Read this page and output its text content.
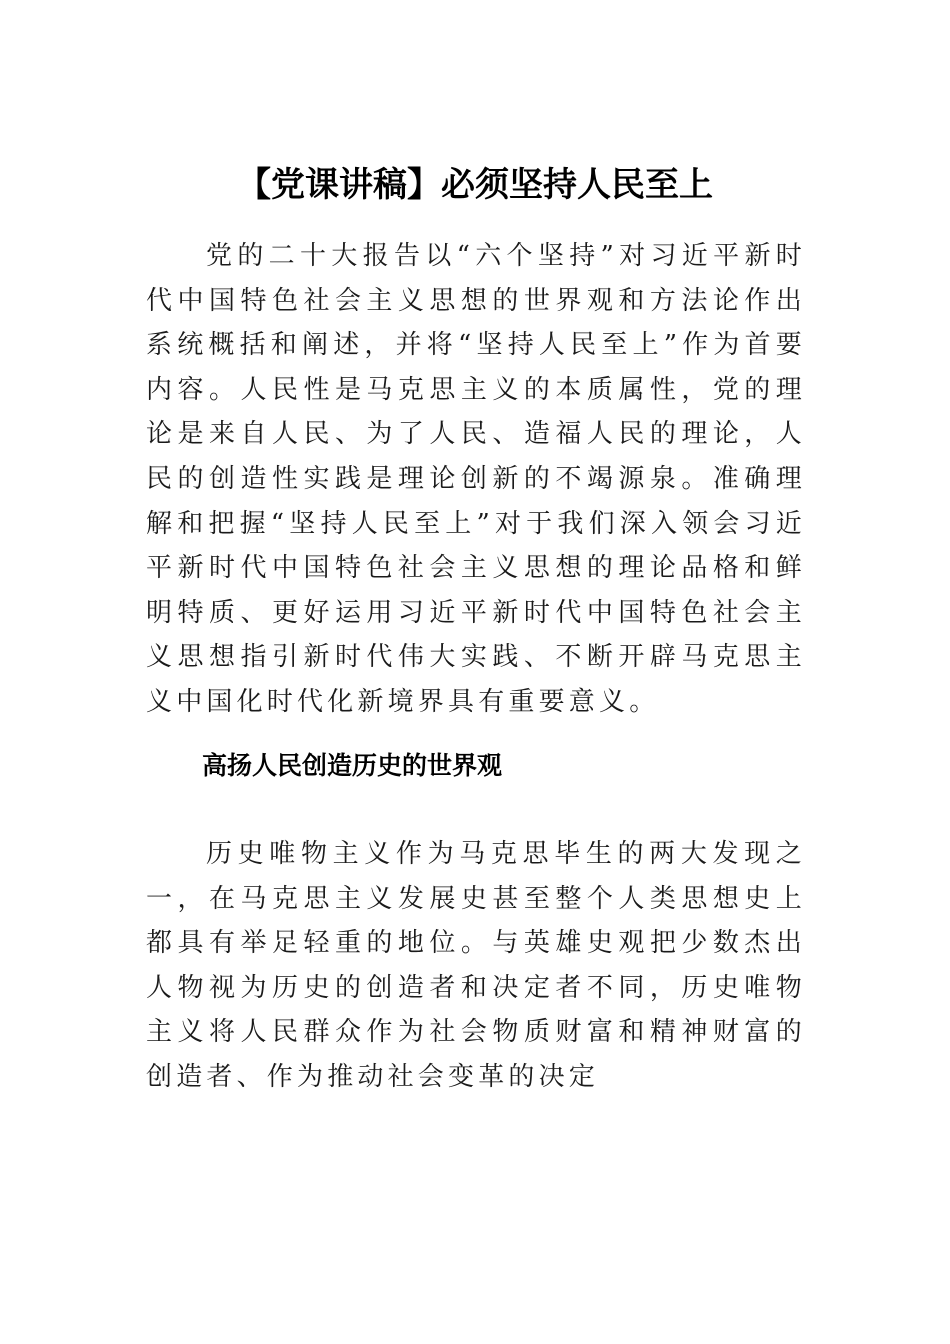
【党课讲稿】必须坚持人民至上

党的二十大报告以“六个坚持”对习近平新时代中国特色社会主义思想的世界观和方法论作出系统概括和阐述，并将“坚持人民至上”作为首要内容。人民性是马克思主义的本质属性，党的理论是来自人民、为了人民、造福人民的理论，人民的创造性实践是理论创新的不竭源泉。准确理解和把握“坚持人民至上”对于我们深入领会习近平新时代中国特色社会主义思想的理论品格和鲜明特质、更好运用习近平新时代中国特色社会主义思想指引新时代伟大实践、不断开辟马克思主义中国化时代化新境界具有重要意义。

高扬人民创造历史的世界观

历史唯物主义作为马克思毕生的两大发现之一，在马克思主义发展史甚至整个人类思想史上都具有举足轻重的地位。与英雄史观把少数杰出人物视为历史的创造者和决定者不同，历史唯物主义将人民群众作为社会物质财富和精神财富的创造者、作为推动社会变革的决定
